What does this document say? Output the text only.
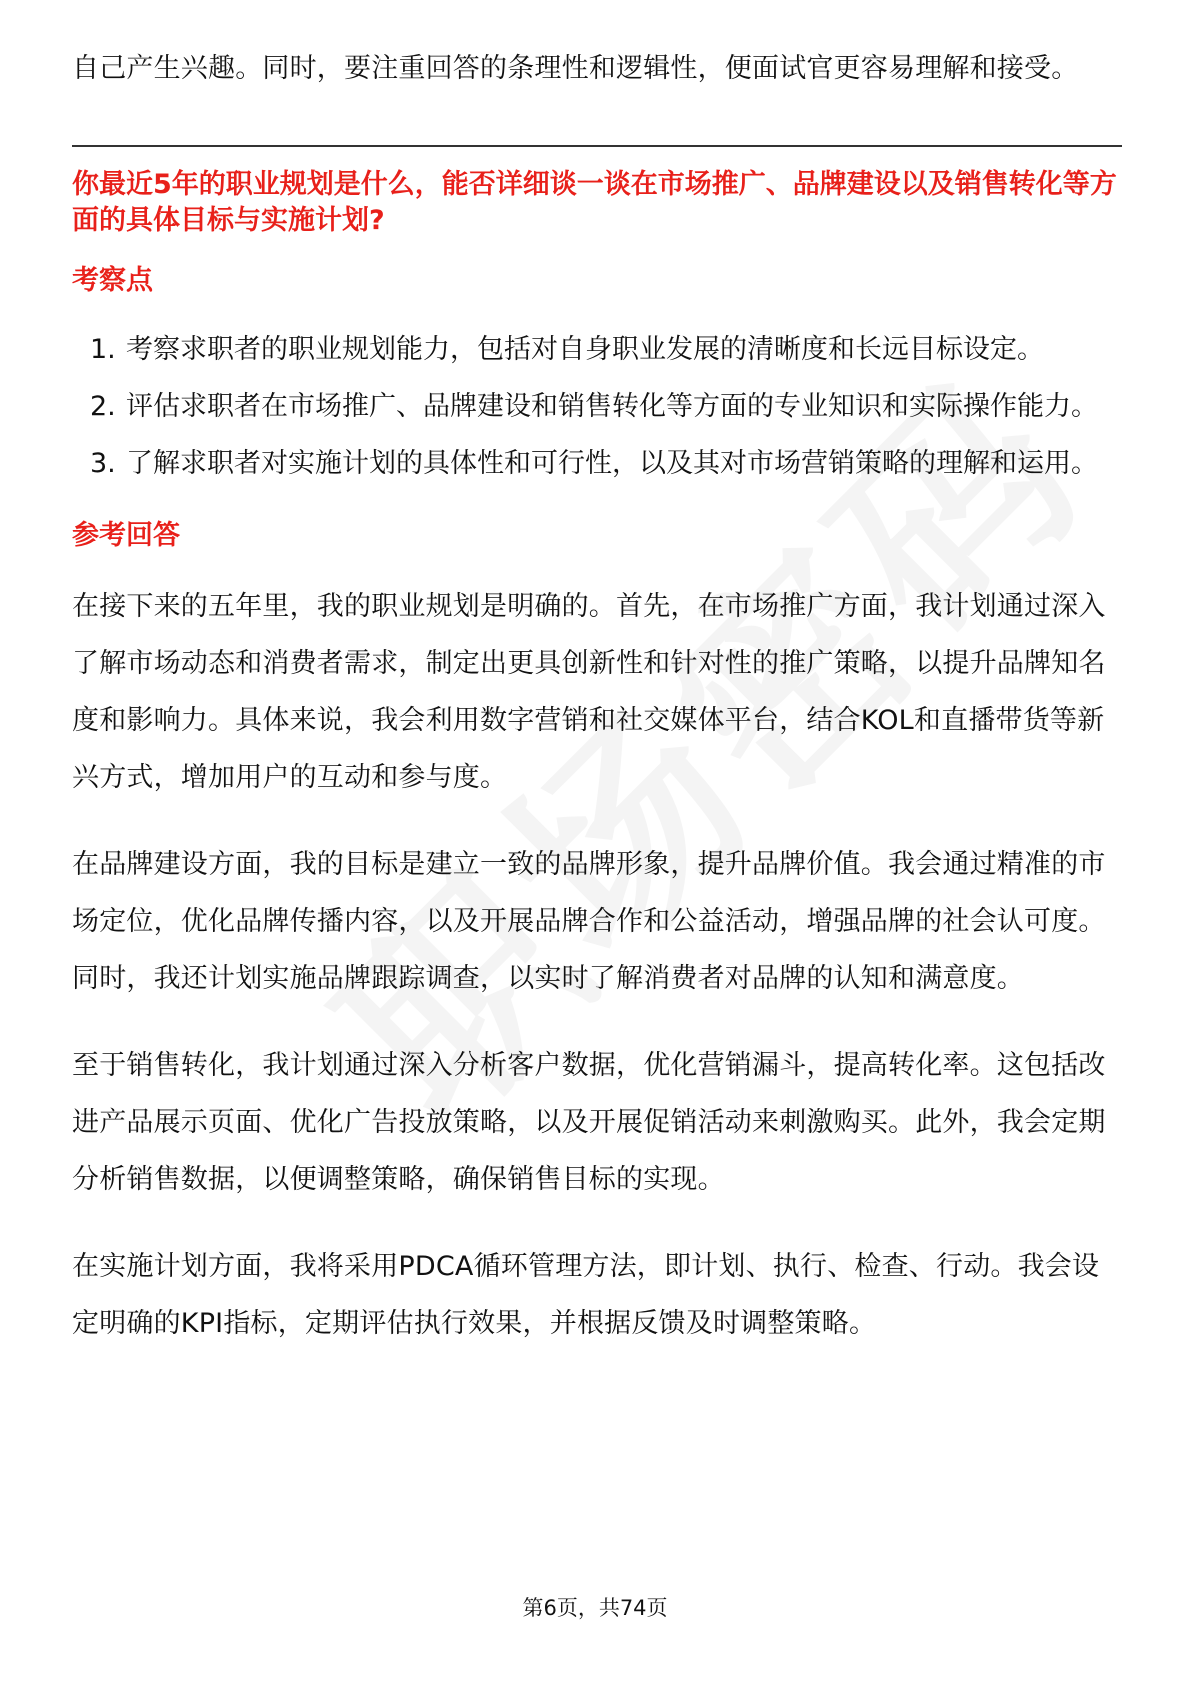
自己产生兴趣。同时，要注重回答的条理性和逻辑性，便面试官更容易理解和接受。

你最近5年的职业规划是什么，能否详细谈一谈在市场推广、品牌建设以及销售转化等方面的具体目标与实施计划?
考察点
1. 考察求职者的职业规划能力，包括对自身职业发展的清晰度和长远目标设定。
2. 评估求职者在市场推广、品牌建设和销售转化等方面的专业知识和实际操作能力。
3. 了解求职者对实施计划的具体性和可行性，以及其对市场营销策略的理解和运用。
参考回答

在接下来的五年里，我的职业规划是明确的。首先，在市场推广方面，我计划通过深入了解市场动态和消费者需求，制定出更具创新性和针对性的推广策略，以提升品牌知名度和影响力。具体来说，我会利用数字营销和社交媒体平台，结合KOL和直播带货等新兴方式，增加用户的互动和参与度。

在品牌建设方面，我的目标是建立一致的品牌形象，提升品牌价值。我会通过精准的市场定位，优化品牌传播内容，以及开展品牌合作和公益活动，增强品牌的社会认可度。同时，我还计划实施品牌跟踪调查，以实时了解消费者对品牌的认知和满意度。

至于销售转化，我计划通过深入分析客户数据，优化营销漏斗，提高转化率。这包括改进产品展示页面、优化广告投放策略，以及开展促销活动来刺激购买。此外，我会定期分析销售数据，以便调整策略，确保销售目标的实现。

在实施计划方面，我将采用PDCA循环管理方法，即计划、执行、检查、行动。我会设定明确的KPI指标，定期评估执行效果，并根据反馈及时调整策略。

第6页，共74页
